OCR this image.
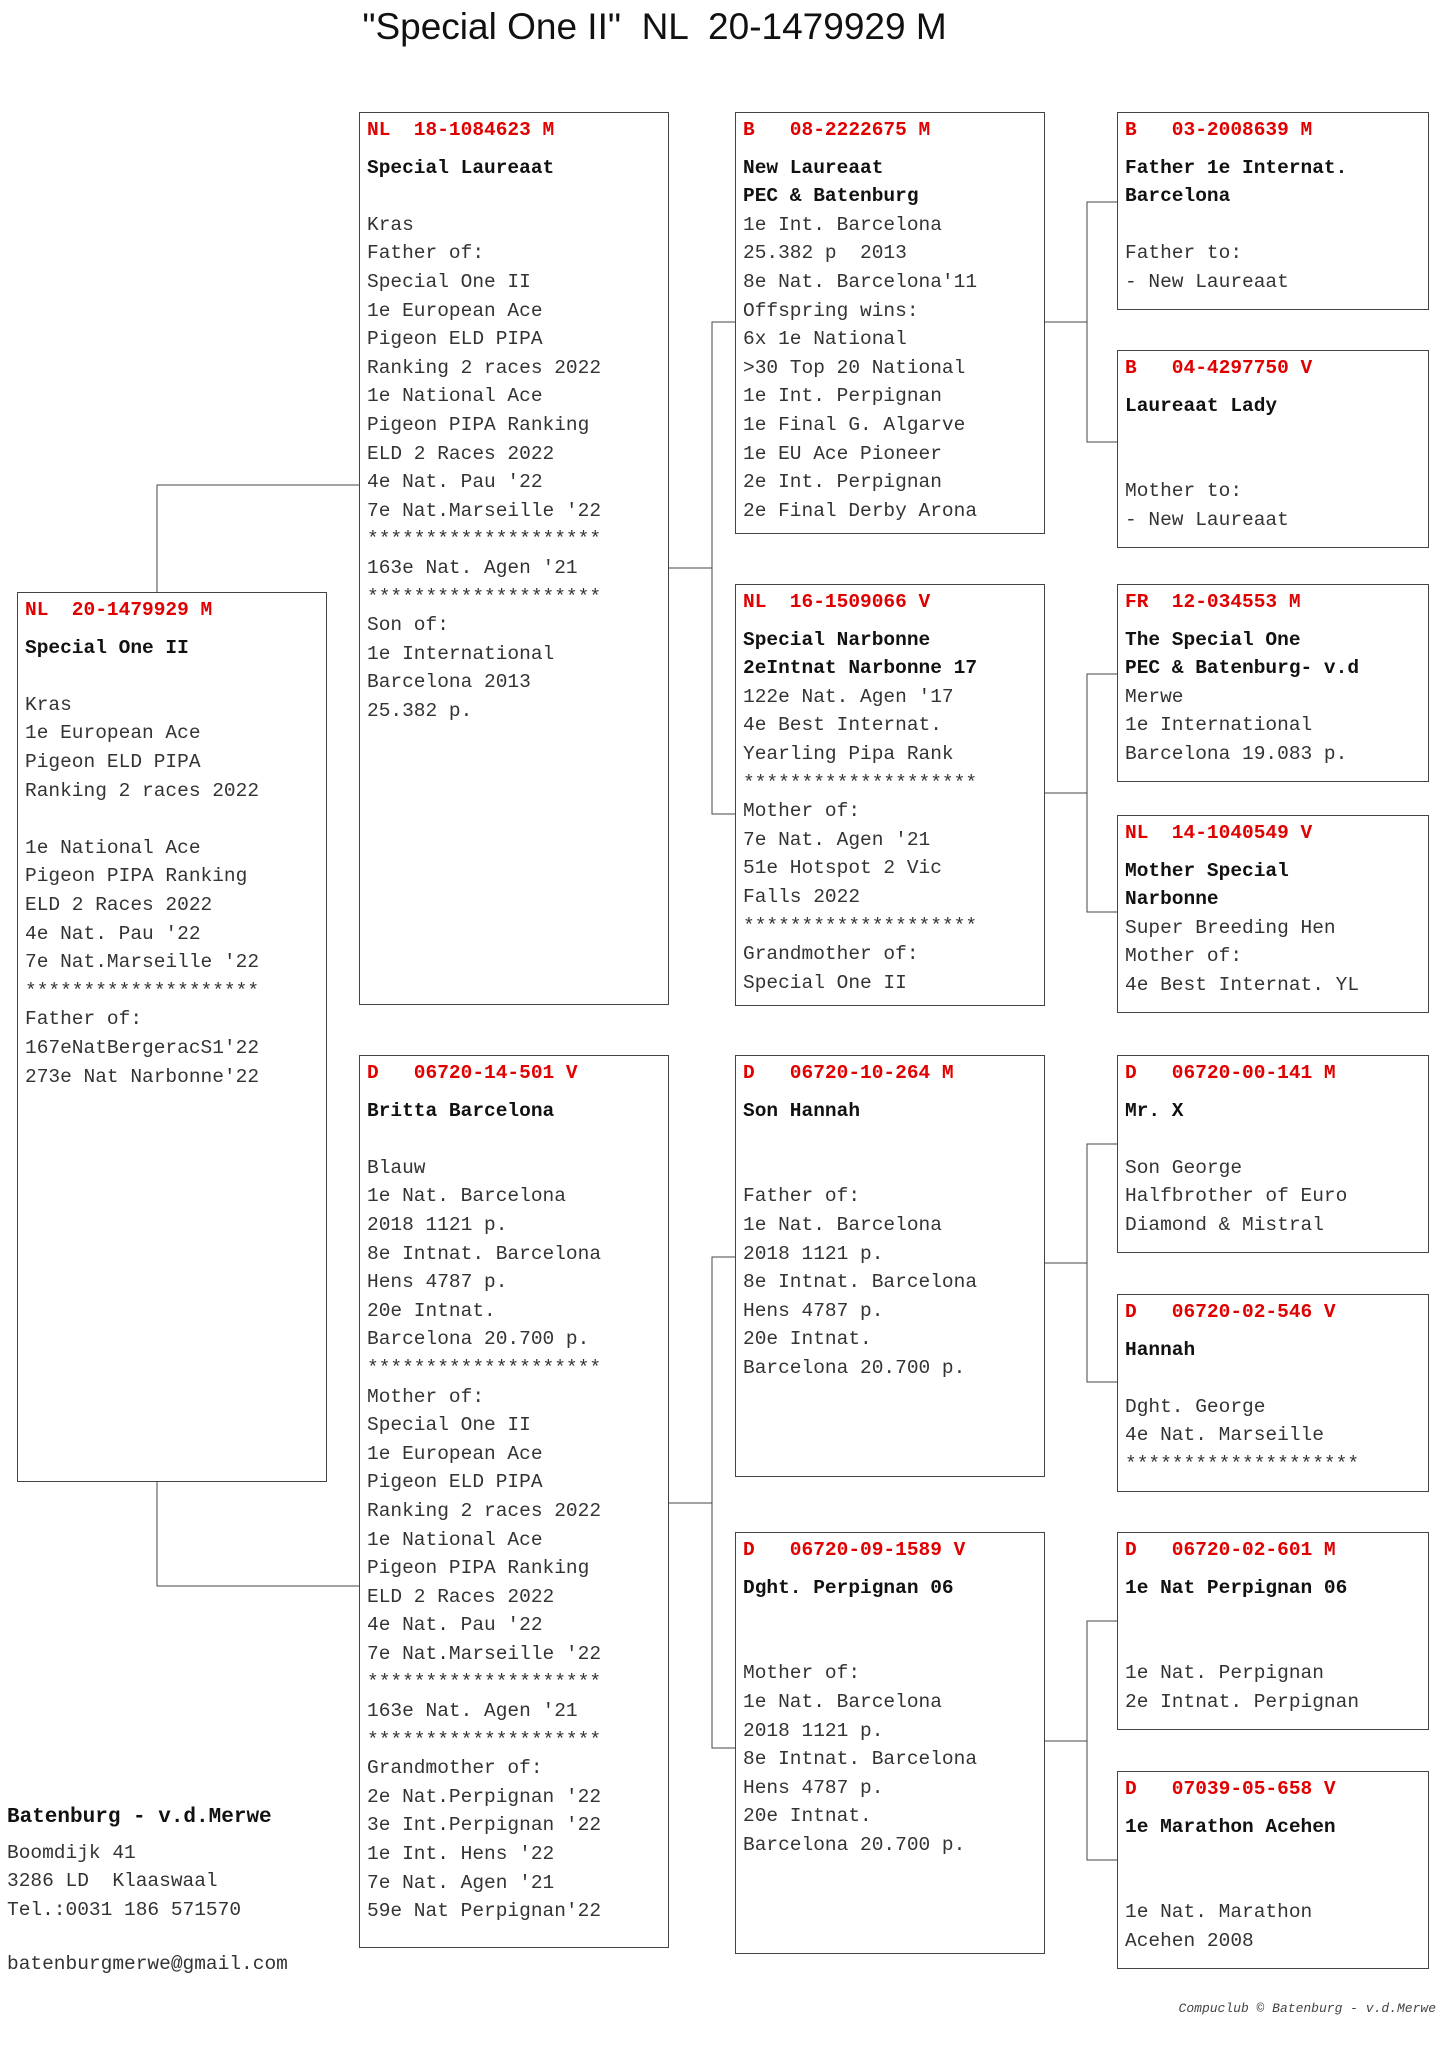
"Special One II"  NL  20-1479929 M
NL  20-1479929 M
Special One II
Kras
1e European Ace
Pigeon ELD PIPA
Ranking 2 races 2022
1e National Ace
Pigeon PIPA Ranking
ELD 2 Races 2022
4e Nat. Pau '22
7e Nat.Marseille '22
********************
Father of:
167eNatBergeracS1'22
273e Nat Narbonne'22
NL  18-1084623 M
Special Laureaat
Kras
Father of:
Special One II
1e European Ace
Pigeon ELD PIPA
Ranking 2 races 2022
1e National Ace
Pigeon PIPA Ranking
ELD 2 Races 2022
4e Nat. Pau '22
7e Nat.Marseille '22
********************
163e Nat. Agen '21
********************
Son of:
1e International
Barcelona 2013
25.382 p.
D   06720-14-501 V
Britta Barcelona
Blauw
1e Nat. Barcelona
2018 1121 p.
8e Intnat. Barcelona
Hens 4787 p.
20e Intnat.
Barcelona 20.700 p.
********************
Mother of:
Special One II
1e European Ace
Pigeon ELD PIPA
Ranking 2 races 2022
1e National Ace
Pigeon PIPA Ranking
ELD 2 Races 2022
4e Nat. Pau '22
7e Nat.Marseille '22
********************
163e Nat. Agen '21
********************
Grandmother of:
2e Nat.Perpignan '22
3e Int.Perpignan '22
1e Int. Hens '22
7e Nat. Agen '21
59e Nat Perpignan'22
B   08-2222675 M
New Laureaat
PEC & Batenburg
1e Int. Barcelona
25.382 p  2013
8e Nat. Barcelona'11
Offspring wins:
6x 1e National
>30 Top 20 National
1e Int. Perpignan
1e Final G. Algarve
1e EU Ace Pioneer
2e Int. Perpignan
2e Final Derby Arona
NL  16-1509066 V
Special Narbonne
2eIntnat Narbonne 17
122e Nat. Agen '17
4e Best Internat.
Yearling Pipa Rank
********************
Mother of:
7e Nat. Agen '21
51e Hotspot 2 Vic
Falls 2022
********************
Grandmother of:
Special One II
D   06720-10-264 M
Son Hannah
Father of:
1e Nat. Barcelona
2018 1121 p.
8e Intnat. Barcelona
Hens 4787 p.
20e Intnat.
Barcelona 20.700 p.
D   06720-09-1589 V
Dght. Perpignan 06
Mother of:
1e Nat. Barcelona
2018 1121 p.
8e Intnat. Barcelona
Hens 4787 p.
20e Intnat.
Barcelona 20.700 p.
B   03-2008639 M
Father 1e Internat.
Barcelona
Father to:
- New Laureaat
B   04-4297750 V
Laureaat Lady
Mother to:
- New Laureaat
FR  12-034553 M
The Special One
PEC & Batenburg- v.d
Merwe
1e International
Barcelona 19.083 p.
NL  14-1040549 V
Mother Special
Narbonne
Super Breeding Hen
Mother of:
4e Best Internat. YL
D   06720-00-141 M
Mr. X
Son George
Halfbrother of Euro
Diamond & Mistral
D   06720-02-546 V
Hannah
Dght. George
4e Nat. Marseille
********************
D   06720-02-601 M
1e Nat Perpignan 06
1e Nat. Perpignan
2e Intnat. Perpignan
D   07039-05-658 V
1e Marathon Acehen
1e Nat. Marathon
Acehen 2008
Batenburg - v.d.Merwe
Boomdijk 41
3286 LD  Klaaswaal
Tel.:0031 186 571570
batenburgmerwe@gmail.com
Compuclub © Batenburg - v.d.Merwe
